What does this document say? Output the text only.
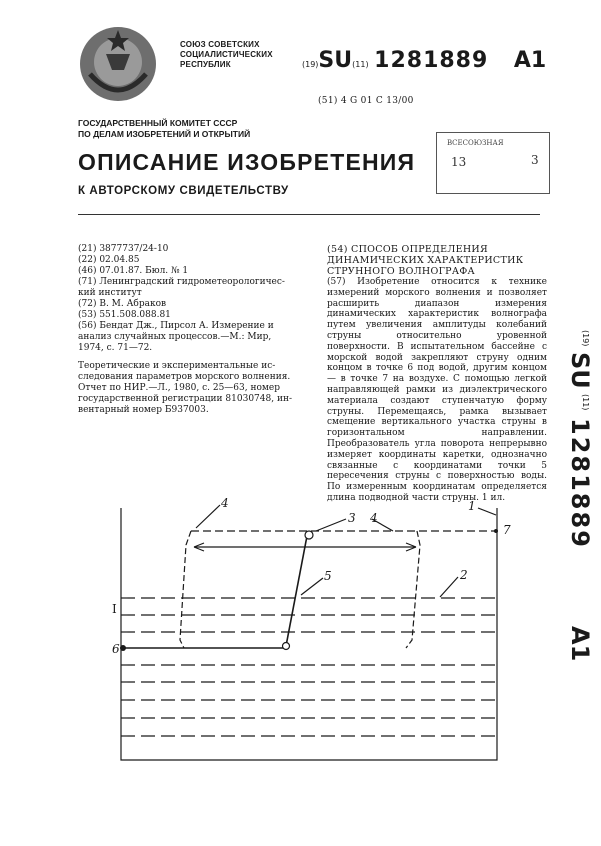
СОЮЗ СОВЕТСКИХ
СОЦИАЛИСТИЧЕСКИХ
РЕСПУБЛИК	(19)SU(11) 1281889 A1
(51) 4 G 01 C 13/00
ГОСУДАРСТВЕННЫЙ КОМИТЕТ СССР
ПО ДЕЛАМ ИЗОБРЕТЕНИЙ И ОТКРЫТИЙ
ВСЕСОЮЗНАЯ
13	3
ОПИСАНИЕ ИЗОБРЕТЕНИЯ
К АВТОРСКОМУ СВИДЕТЕЛЬСТВУ
(21) 3877737/24-10
(22) 02.04.85
(46) 07.01.87. Бюл. № 1
(71) Ленинградский гидрометеорологичес-
кий институт
(72) В. М. Абраков
(53) 551.508.088.81
(56) Бендат Дж., Пирсол А. Измерение и
анализ случайных процессов.—М.: Мир,
1974, с. 71—72.
Теоретические и экспериментальные ис-
следования параметров морского волнения.
Отчет по НИР.—Л., 1980, с. 25—63, номер
государственной регистрации 81030748, ин-
вентарный номер Б937003.
(54) СПОСОБ ОПРЕДЕЛЕНИЯ ДИНАМИЧЕСКИХ ХАРАКТЕРИСТИК СТРУННОГО ВОЛНОГРАФА
(57) Изобретение относится к технике измерений морского волнения и позволяет расширить диапазон измерения динамических характеристик волнографа путем увеличения амплитуды колебаний струны относительно уровенной поверхности. В испытательном бассейне с морской водой закрепляют струну одним концом в точке 6 под водой, другим концом — в точке 7 на воздухе. С помощью легкой направляющей рамки из диэлектрического материала создают ступенчатую форму струны. Перемещаясь, рамка вызывает смещение вертикального участка струны в горизонтальном направлении. Преобразователь угла поворота непрерывно измеряет координаты каретки, однозначно связанные с координатами точки 5 пересечения струны с поверхностью воды. По измеренным координатам определяется длина подводной части струны. 1 ил.
(19)
SU
(11)
1281889
A1
1
2
3
4
4
5
6
7
I
